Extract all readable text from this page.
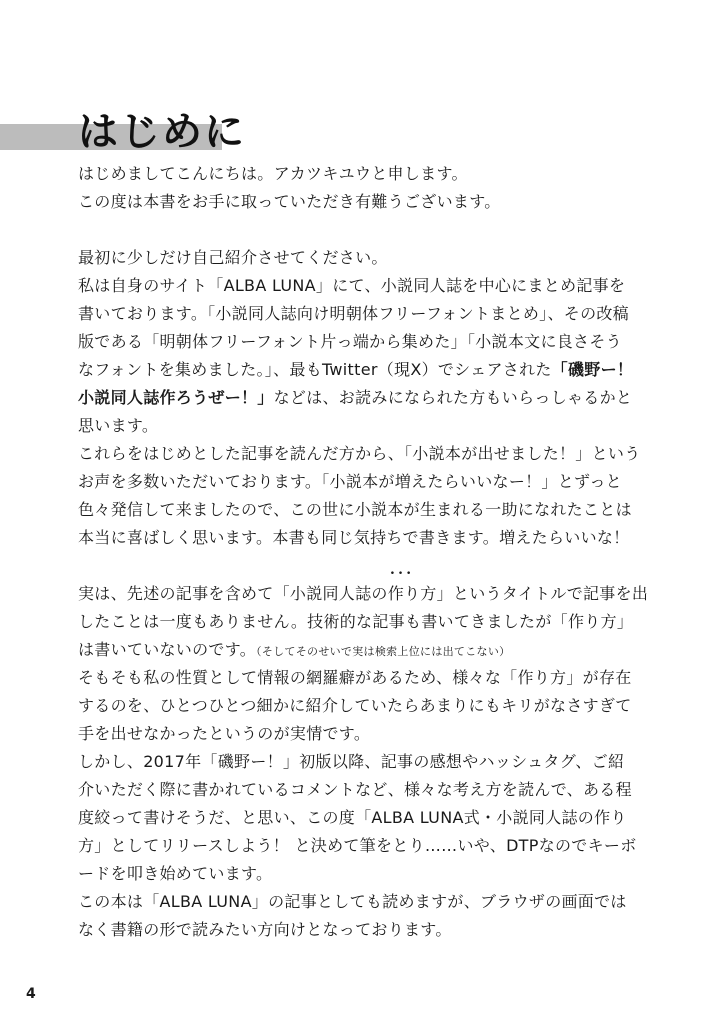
はじめに
はじめましてこんにちは。アカツキユウと申します。
この度は本書をお手に取っていただき有難うございます。
最初に少しだけ自己紹介させてください。
私は自身のサイト「ALBA LUNA」にて、小説同人誌を中心にまとめ記事を
書いております。「小説同人誌向け明朝体フリーフォントまとめ」、その改稿
版である「明朝体フリーフォント片っ端から集めた」「小説本文に良さそう
なフォントを集めました。」、最もTwitter（現X）でシェアされた「磯野ー！
小説同人誌作ろうぜー！」などは、お読みになられた方もいらっしゃるかと
思います。
これらをはじめとした記事を読んだ方から、「小説本が出せました！」という
お声を多数いただいております。「小説本が増えたらいいなー！」とずっと
色々発信して来ましたので、この世に小説本が生まれる一助になれたことは
本当に喜ばしく思います。本書も同じ気持ちで書きます。増えたらいいな！
実は、先述の記事を含めて「小説同人誌の• • • 作り方」というタイトルで記事を出
したことは一度もありません。技術的な記事も書いてきましたが「作り方」
は書いていないのです。（そしてそのせいで実は検索上位には出てこない）
そもそも私の性質として情報の網羅癖があるため、様々な「作り方」が存在
するのを、ひとつひとつ細かに紹介していたらあまりにもキリがなさすぎて
手を出せなかったというのが実情です。
しかし、2017年「磯野ー！」初版以降、記事の感想やハッシュタグ、ご紹
介いただく際に書かれているコメントなど、様々な考え方を読んで、ある程
度絞って書けそうだ、と思い、この度「ALBA LUNA式・小説同人誌の作り
方」としてリリースしよう！ と決めて筆をとり……いや、DTPなのでキーボ
ードを叩き始めています。
この本は「ALBA LUNA」の記事としても読めますが、ブラウザの画面では
なく書籍の形で読みたい方向けとなっております。
4
